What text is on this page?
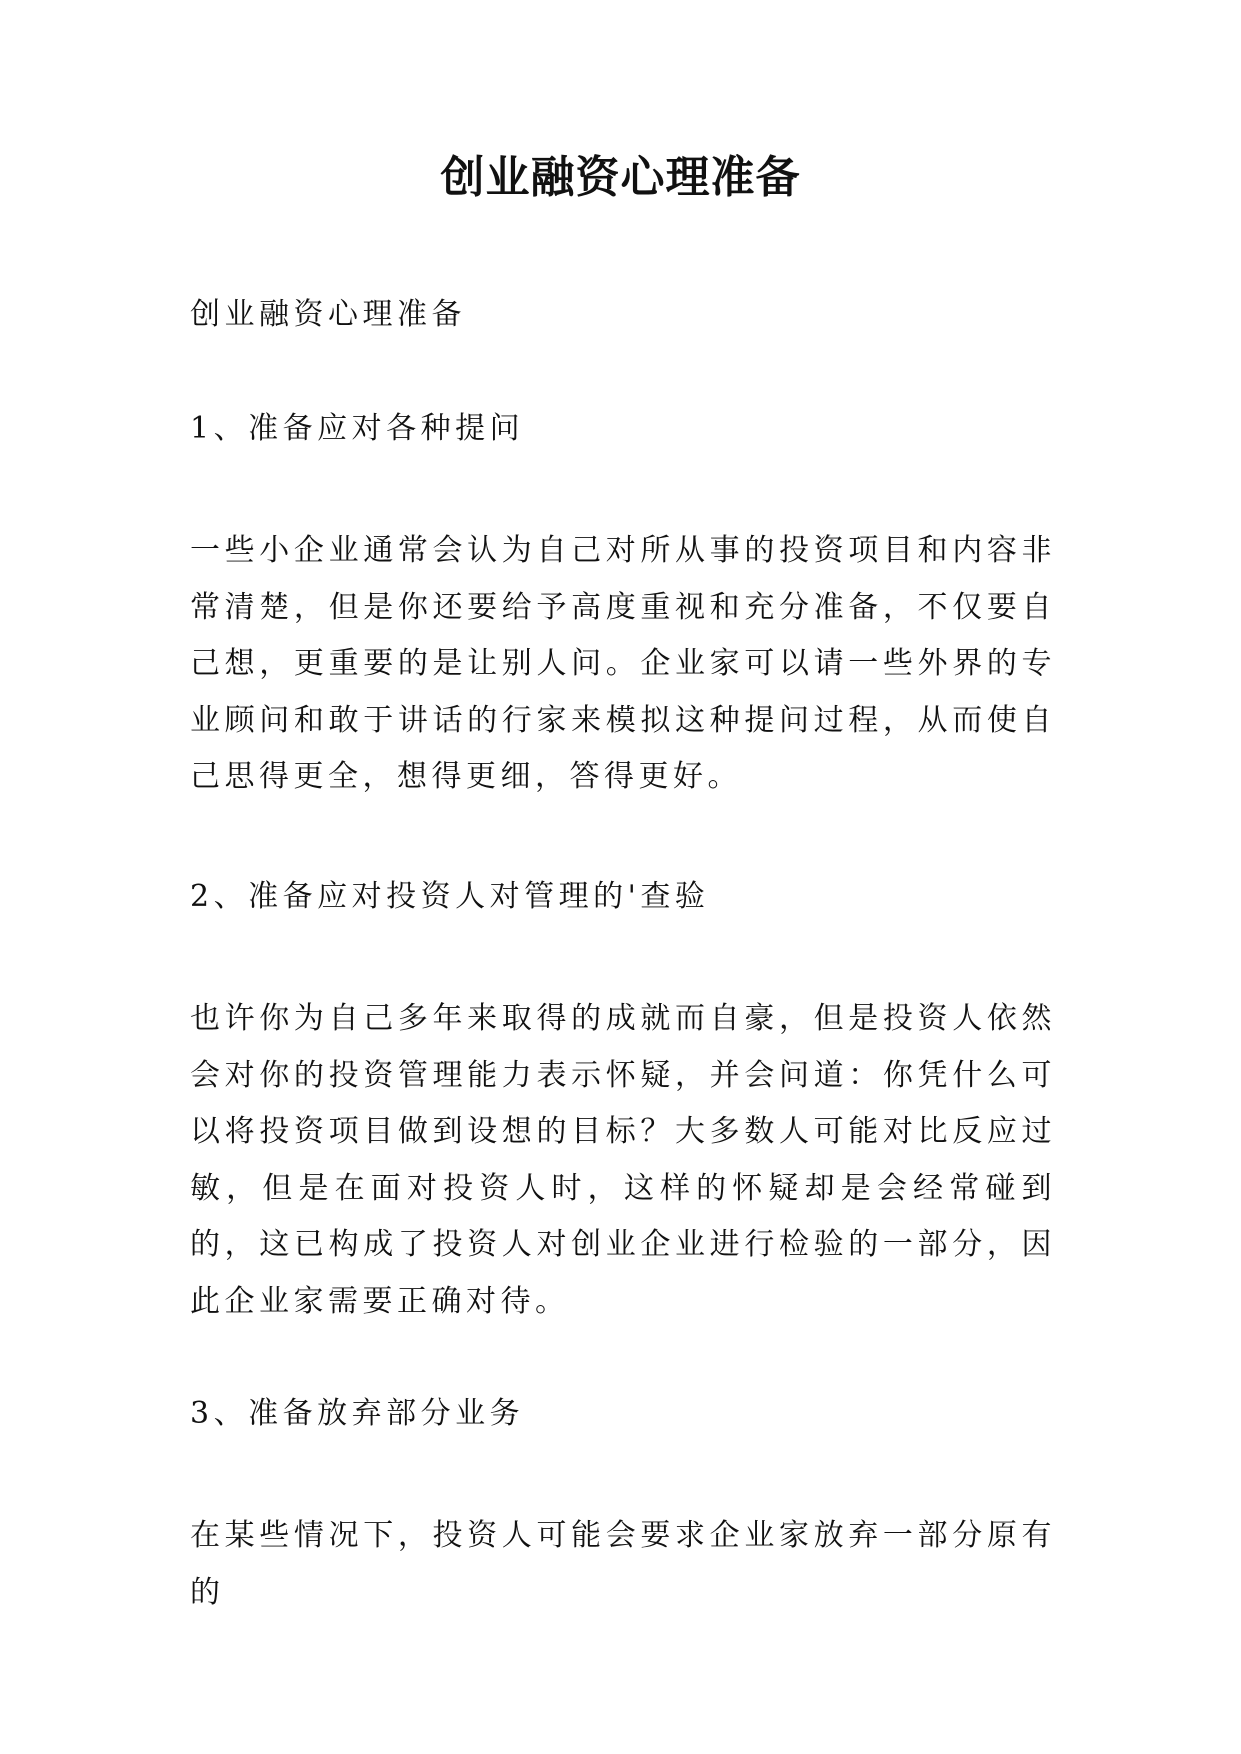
创业融资心理准备

创业融资心理准备

1、准备应对各种提问

一些小企业通常会认为自己对所从事的投资项目和内容非常清楚，但是你还要给予高度重视和充分准备，不仅要自己想，更重要的是让别人问。企业家可以请一些外界的专业顾问和敢于讲话的行家来模拟这种提问过程，从而使自己思得更全，想得更细，答得更好。

2、准备应对投资人对管理的'查验

也许你为自己多年来取得的成就而自豪，但是投资人依然会对你的投资管理能力表示怀疑，并会问道：你凭什么可以将投资项目做到设想的目标？大多数人可能对比反应过敏，但是在面对投资人时，这样的怀疑却是会经常碰到的，这已构成了投资人对创业企业进行检验的一部分，因此企业家需要正确对待。

3、准备放弃部分业务

在某些情况下，投资人可能会要求企业家放弃一部分原有的
